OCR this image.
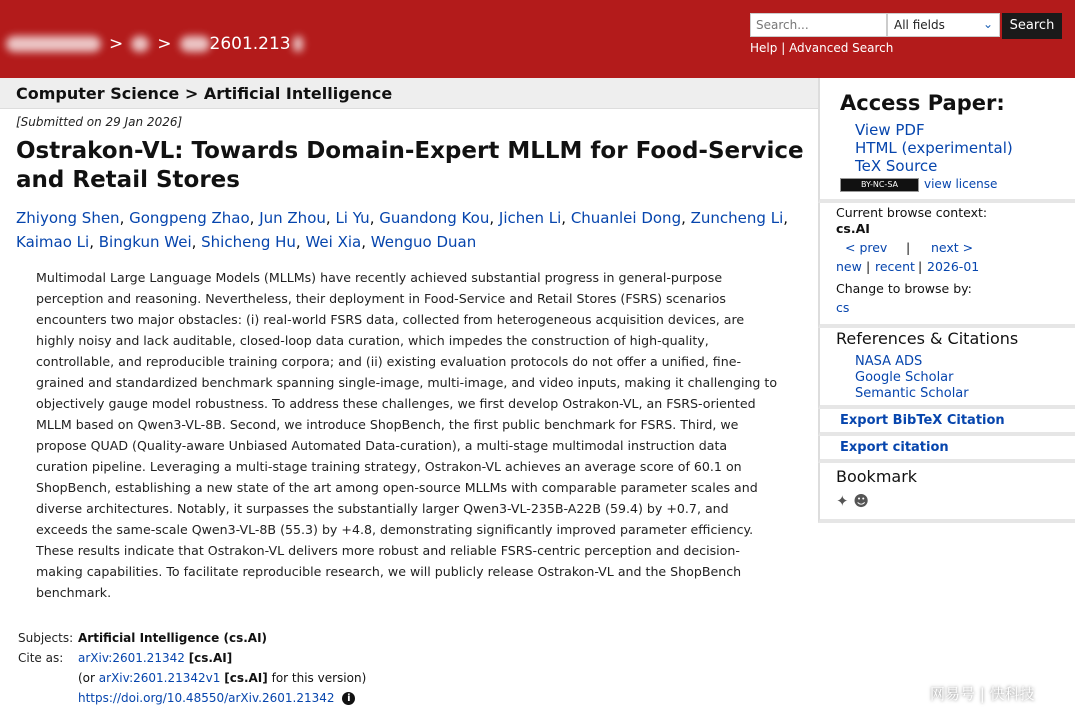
> > 2601.213
Search...	All fields	⌄	Search
Help | Advanced Search
Computer Science > Artificial Intelligence
[Submitted on 29 Jan 2026]
Ostrakon-VL: Towards Domain-Expert MLLM for Food-Service and Retail Stores
Zhiyong Shen, Gongpeng Zhao, Jun Zhou, Li Yu, Guandong Kou, Jichen Li, Chuanlei Dong, Zuncheng Li, Kaimao Li, Bingkun Wei, Shicheng Hu, Wei Xia, Wenguo Duan
Multimodal Large Language Models (MLLMs) have recently achieved substantial progress in general-purpose perception and reasoning. Nevertheless, their deployment in Food-Service and Retail Stores (FSRS) scenarios encounters two major obstacles: (i) real-world FSRS data, collected from heterogeneous acquisition devices, are highly noisy and lack auditable, closed-loop data curation, which impedes the construction of high-quality, controllable, and reproducible training corpora; and (ii) existing evaluation protocols do not offer a unified, fine-grained and standardized benchmark spanning single-image, multi-image, and video inputs, making it challenging to objectively gauge model robustness. To address these challenges, we first develop Ostrakon-VL, an FSRS-oriented MLLM based on Qwen3-VL-8B. Second, we introduce ShopBench, the first public benchmark for FSRS. Third, we propose QUAD (Quality-aware Unbiased Automated Data-curation), a multi-stage multimodal instruction data curation pipeline. Leveraging a multi-stage training strategy, Ostrakon-VL achieves an average score of 60.1 on ShopBench, establishing a new state of the art among open-source MLLMs with comparable parameter scales and diverse architectures. Notably, it surpasses the substantially larger Qwen3-VL-235B-A22B (59.4) by +0.7, and exceeds the same-scale Qwen3-VL-8B (55.3) by +4.8, demonstrating significantly improved parameter efficiency. These results indicate that Ostrakon-VL delivers more robust and reliable FSRS-centric perception and decision-making capabilities. To facilitate reproducible research, we will publicly release Ostrakon-VL and the ShopBench benchmark.
Subjects: Artificial Intelligence (cs.AI)
Cite as:	arXiv:2601.21342 [cs.AI]
(or arXiv:2601.21342v1 [cs.AI] for this version)
https://doi.org/10.48550/arXiv.2601.21342 i
Access Paper:
View PDF
HTML (experimental)
TeX Source
BY-NC-SA	view license
Current browse context:
cs.AI
< prev | next >
new | recent | 2026-01
Change to browse by:
cs
References & Citations
NASA ADS
Google Scholar
Semantic Scholar
Export BibTeX Citation
Export citation
Bookmark
✦ ☻
网易号 | 快科技
